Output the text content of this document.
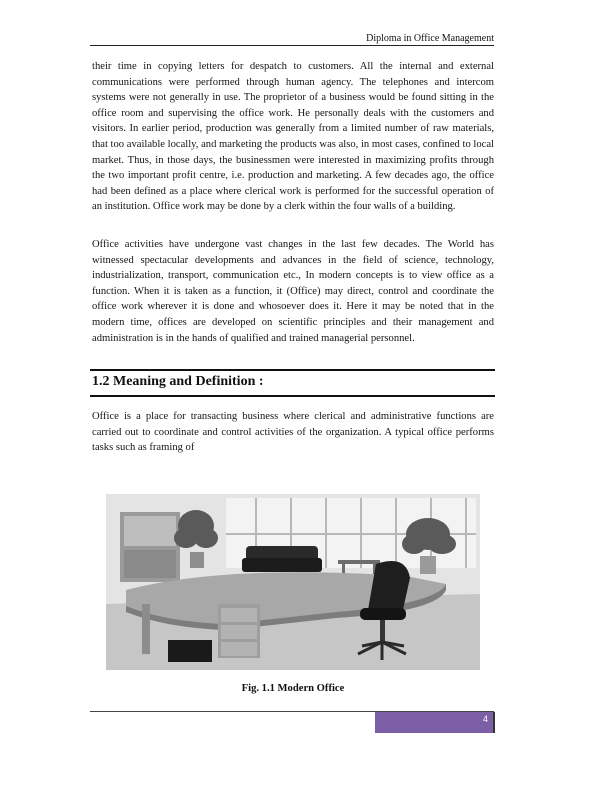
Diploma in Office Management

their time in copying letters for despatch to customers. All the internal and external communications were performed through human agency. The telephones and intercom systems were not generally in use. The proprietor of a business would be found sitting in the office room and supervising the office work. He personally deals with the customers and visitors. In earlier period, production was generally from a limited number of raw materials, that too available locally, and marketing the products was also, in most cases, confined to local market. Thus, in those days, the businessmen were interested in maximizing profits through the two important profit centre, i.e. production and marketing. A few decades ago, the office had been defined as a place where clerical work is performed for the successful operation of an institution. Office work may be done by a clerk within the four walls of a building.

Office activities have undergone vast changes in the last few decades. The World has witnessed spectacular developments and advances in the field of science, technology, industrialization, transport, communication etc., In modern concepts is to view office as a function. When it is taken as a function, it (Office) may direct, control and coordinate the office work wherever it is done and whosoever does it. Here it may be noted that in the modern time, offices are developed on scientific principles and their management and administration is in the hands of qualified and trained managerial personnel.

1.2 Meaning and Definition :

Office is a place for transacting business where clerical and administrative functions are carried out to coordinate and control activities of the organization. A typical office performs tasks such as framing of

Fig. 1.1 Modern Office
4
